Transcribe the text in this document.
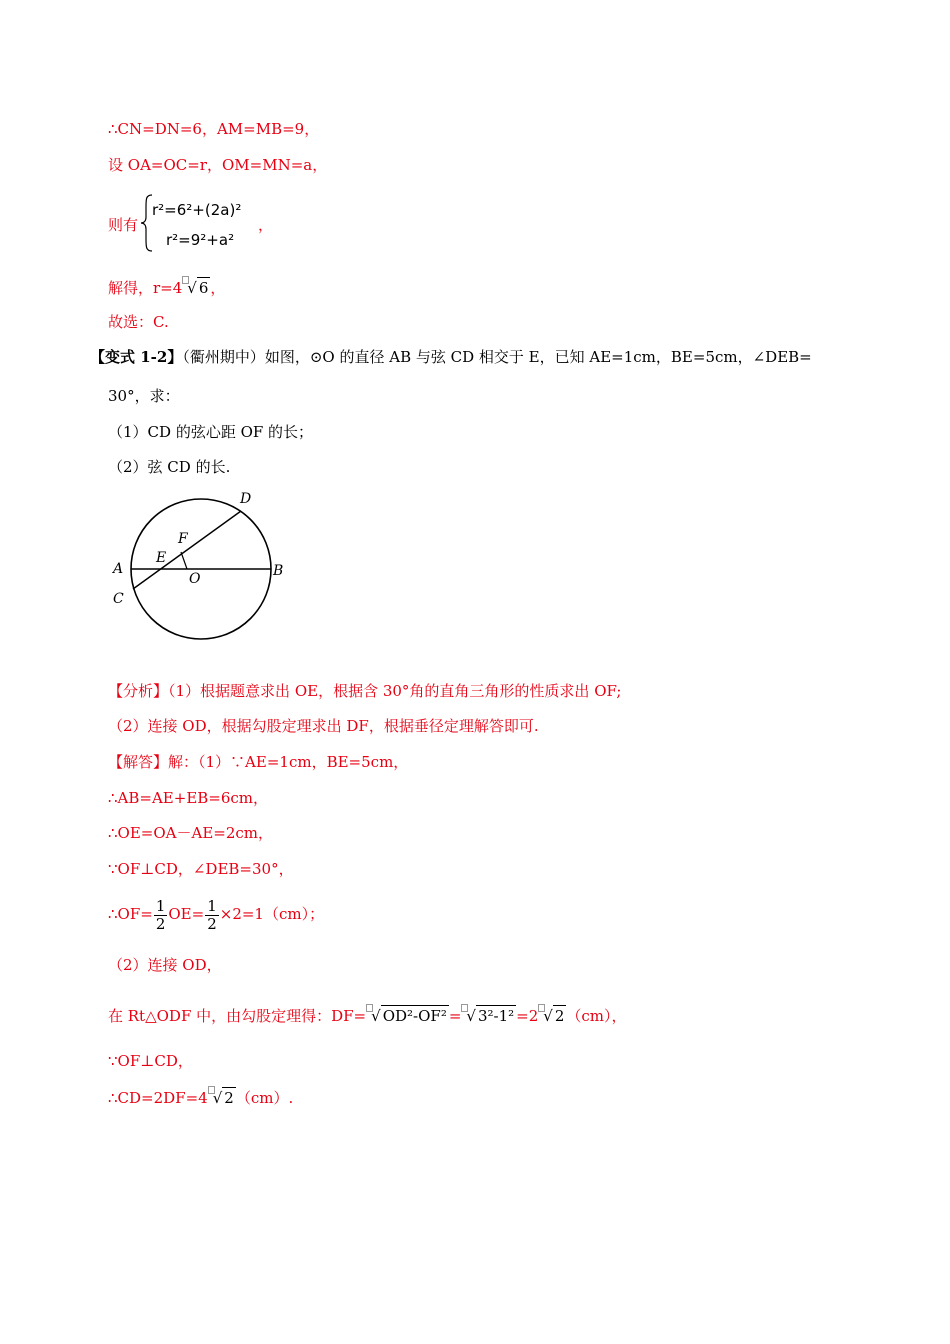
∴CN=DN=6，AM=MB=9，
设 OA=OC=r，OM=MN=a，
则有
r²=6²+(2a)²
r²=9²+a²
，
解得，r=4 √ 6 ，
故选：C.
【变式 1-2】（衢州期中）如图，⊙O 的直径 AB 与弦 CD 相交于 E，已知 AE=1cm，BE=5cm，∠DEB=
30°，求：
（1）CD 的弦心距 OF 的长；
（2）弦 CD 的长.
D
F
E
A	B
O
C
【分析】（1）根据题意求出 OE，根据含 30°角的直角三角形的性质求出 OF;
（2）连接 OD，根据勾股定理求出 DF，根据垂径定理解答即可.
【解答】解：（1）∵AE=1cm，BE=5cm，
∴AB=AE+EB=6cm，
∴OE=OA－AE=2cm，
∵OF⊥CD，∠DEB=30°，
∴OF= $\frac{1}{2} OE= \frac{1}{2} \times 2=1(cm)$；
（2）连接 OD，
在 Rt△ODF 中，由勾股定理得：DF= √ OD²-OF² = √ 3²-1² =2 √ 2 （cm），
∵OF⊥CD，
∴CD=2DF=4 √ 2 （cm）.
